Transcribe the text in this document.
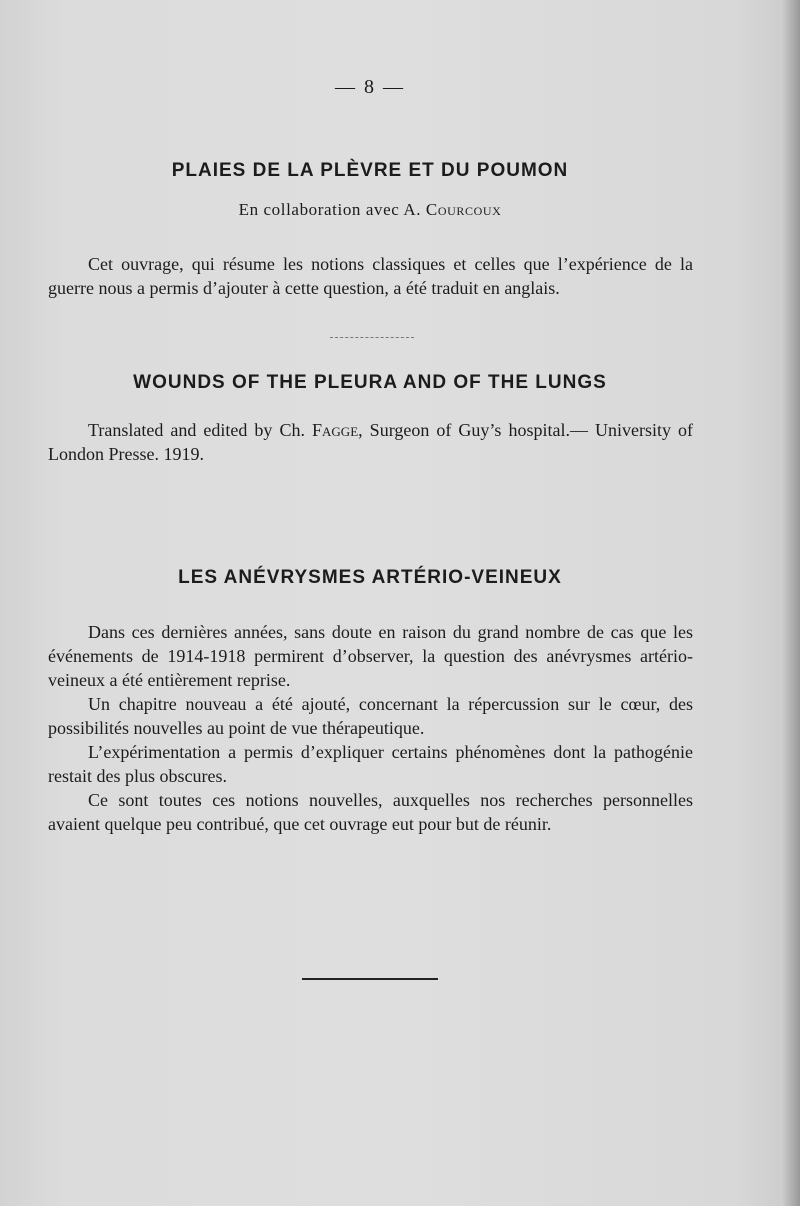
— 8 —
PLAIES DE LA PLÈVRE ET DU POUMON
En collaboration avec A. Courcoux

Cet ouvrage, qui résume les notions classiques et celles que l’expérience de la guerre nous a permis d’ajouter à cette question, a été traduit en anglais.

WOUNDS OF THE PLEURA AND OF THE LUNGS

Translated and edited by Ch. Fagge, Surgeon of Guy’s hospital.— University of London Presse. 1919.

LES ANÉVRYSMES ARTÉRIO-VEINEUX

Dans ces dernières années, sans doute en raison du grand nombre de cas que les événements de 1914-1918 permirent d’observer, la question des anévrysmes artério-veineux a été entièrement reprise.

Un chapitre nouveau a été ajouté, concernant la répercussion sur le cœur, des possibilités nouvelles au point de vue thérapeutique.

L’expérimentation a permis d’expliquer certains phénomènes dont la pathogénie restait des plus obscures.

Ce sont toutes ces notions nouvelles, auxquelles nos recherches personnelles avaient quelque peu contribué, que cet ouvrage eut pour but de réunir.
